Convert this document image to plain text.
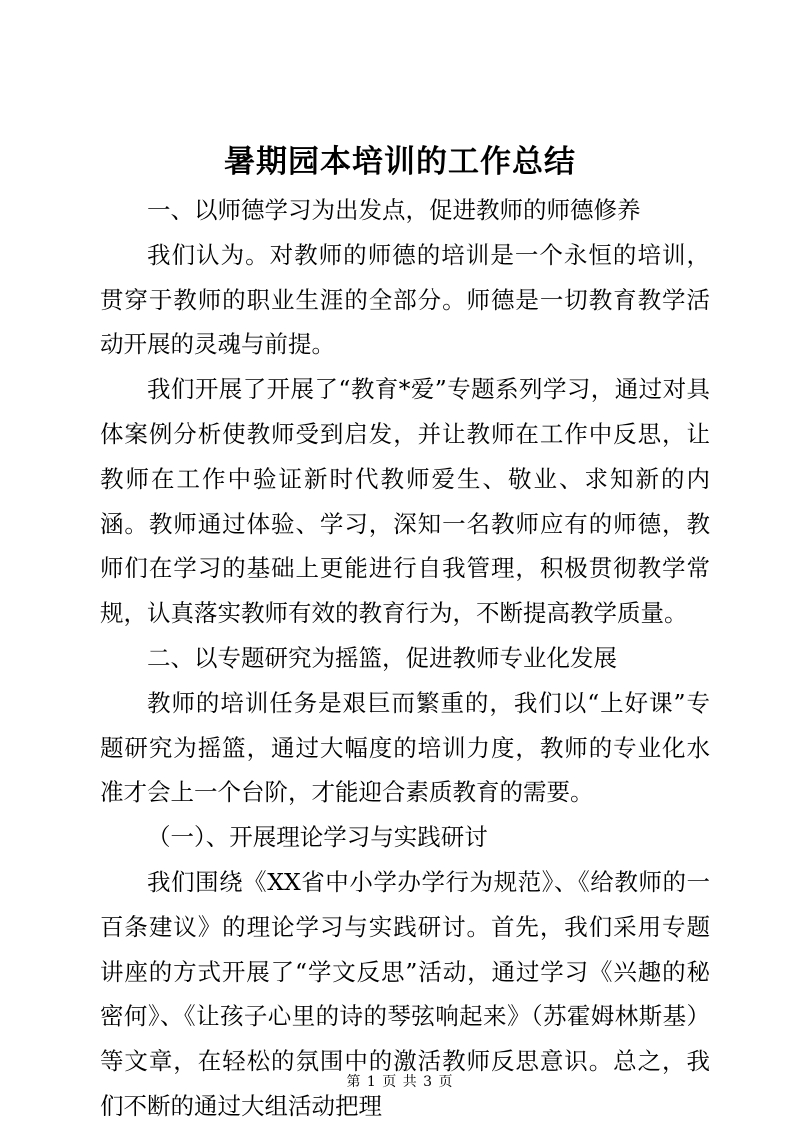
暑期园本培训的工作总结

一、以师德学习为出发点，促进教师的师德修养

我们认为。对教师的师德的培训是一个永恒的培训，贯穿于教师的职业生涯的全部分。师德是一切教育教学活动开展的灵魂与前提。

我们开展了开展了“教育*爱”专题系列学习，通过对具体案例分析使教师受到启发，并让教师在工作中反思，让教师在工作中验证新时代教师爱生、敬业、求知新的内涵。教师通过体验、学习，深知一名教师应有的师德，教师们在学习的基础上更能进行自我管理，积极贯彻教学常规，认真落实教师有效的教育行为，不断提高教学质量。

二、以专题研究为摇篮，促进教师专业化发展

教师的培训任务是艰巨而繁重的，我们以“上好课”专题研究为摇篮，通过大幅度的培训力度，教师的专业化水准才会上一个台阶，才能迎合素质教育的需要。

（一）、开展理论学习与实践研讨

我们围绕《XX省中小学办学行为规范》、《给教师的一百条建议》的理论学习与实践研讨。首先，我们采用专题讲座的方式开展了“学文反思”活动，通过学习《兴趣的秘密何》、《让孩子心里的诗的琴弦响起来》（苏霍姆林斯基）等文章，在轻松的氛围中的激活教师反思意识。总之，我们不断的通过大组活动把理

第 1 页 共 3 页
